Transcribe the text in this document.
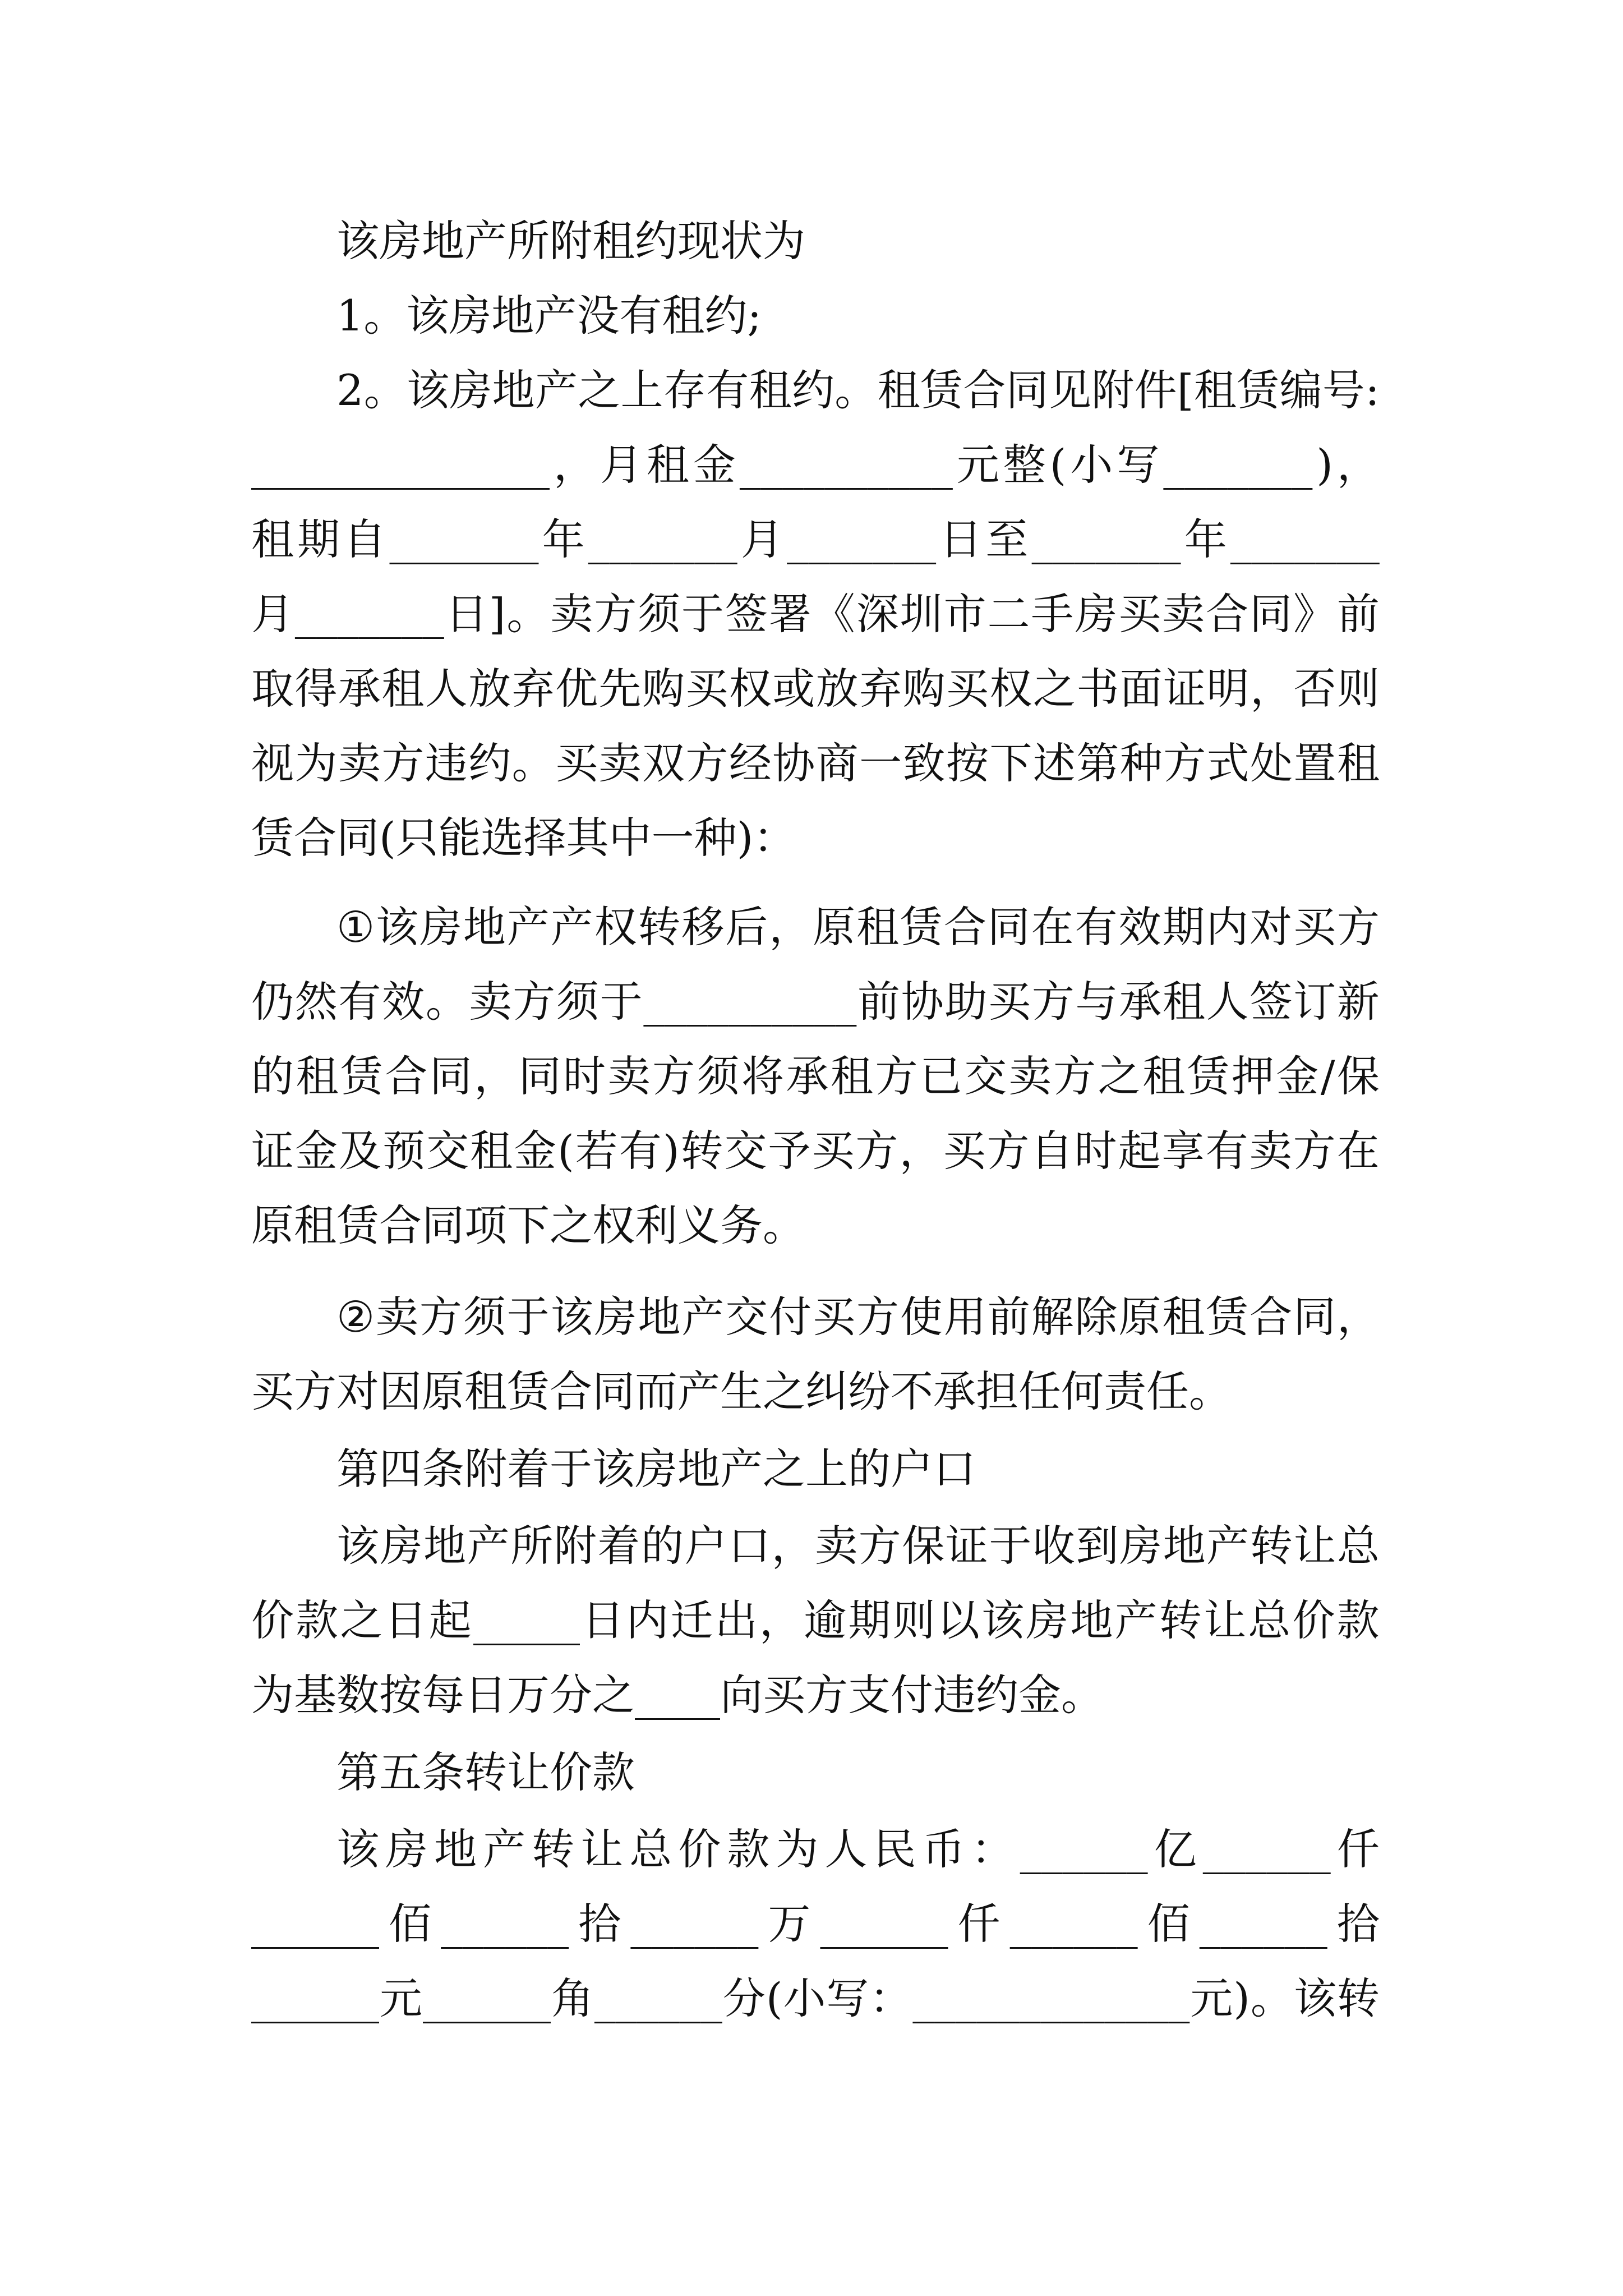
该房地产所附租约现状为
1。该房地产没有租约;
2 。 该 房 地 产 之 上 存 有 租 约 。 租 赁 合 同 见 附 件 [ 租 赁 编 号 :
______________ ， 月 租 金 __________ 元 整 ( 小 写 _______ ) ，
租 期 自 _______ 年 _______ 月 _______ 日 至 _______ 年 _______
月 _______ 日 ] 。 卖 方 须 于 签 署 《 深 圳 市 二 手 房 买 卖 合 同 》 前
取 得 承 租 人 放 弃 优 先 购 买 权 或 放 弃 购 买 权 之 书 面 证 明 ， 否 则
视 为 卖 方 违 约 。 买 卖 双 方 经 协 商 一 致 按 下 述 第 种 方 式 处 置 租
赁合同(只能选择其中一种)：
① 该 房 地 产 产 权 转 移 后 ， 原 租 赁 合 同 在 有 效 期 内 对 买 方
仍 然 有 效 。 卖 方 须 于 __________ 前 协 助 买 方 与 承 租 人 签 订 新
的 租 赁 合 同 ， 同 时 卖 方 须 将 承 租 方 已 交 卖 方 之 租 赁 押 金 / 保
证 金 及 预 交 租 金 ( 若 有 ) 转 交 予 买 方 ， 买 方 自 时 起 享 有 卖 方 在
原租赁合同项下之权利义务。
② 卖 方 须 于 该 房 地 产 交 付 买 方 使 用 前 解 除 原 租 赁 合 同 ，
买方对因原租赁合同而产生之纠纷不承担任何责任。
第四条附着于该房地产之上的户口
该 房 地 产 所 附 着 的 户 口 ， 卖 方 保 证 于 收 到 房 地 产 转 让 总
价 款 之 日 起 _____ 日 内 迁 出 ， 逾 期 则 以 该 房 地 产 转 让 总 价 款
为基数按每日万分之____向买方支付违约金。
第五条转让价款
该 房 地 产 转 让 总 价 款 为 人 民 币 ： ______ 亿 ______ 仟
______ 佰 ______ 拾 ______ 万 ______ 仟 ______ 佰 ______ 拾
______ 元 ______ 角 ______ 分 ( 小 写 ： _____________ 元 ) 。 该 转
